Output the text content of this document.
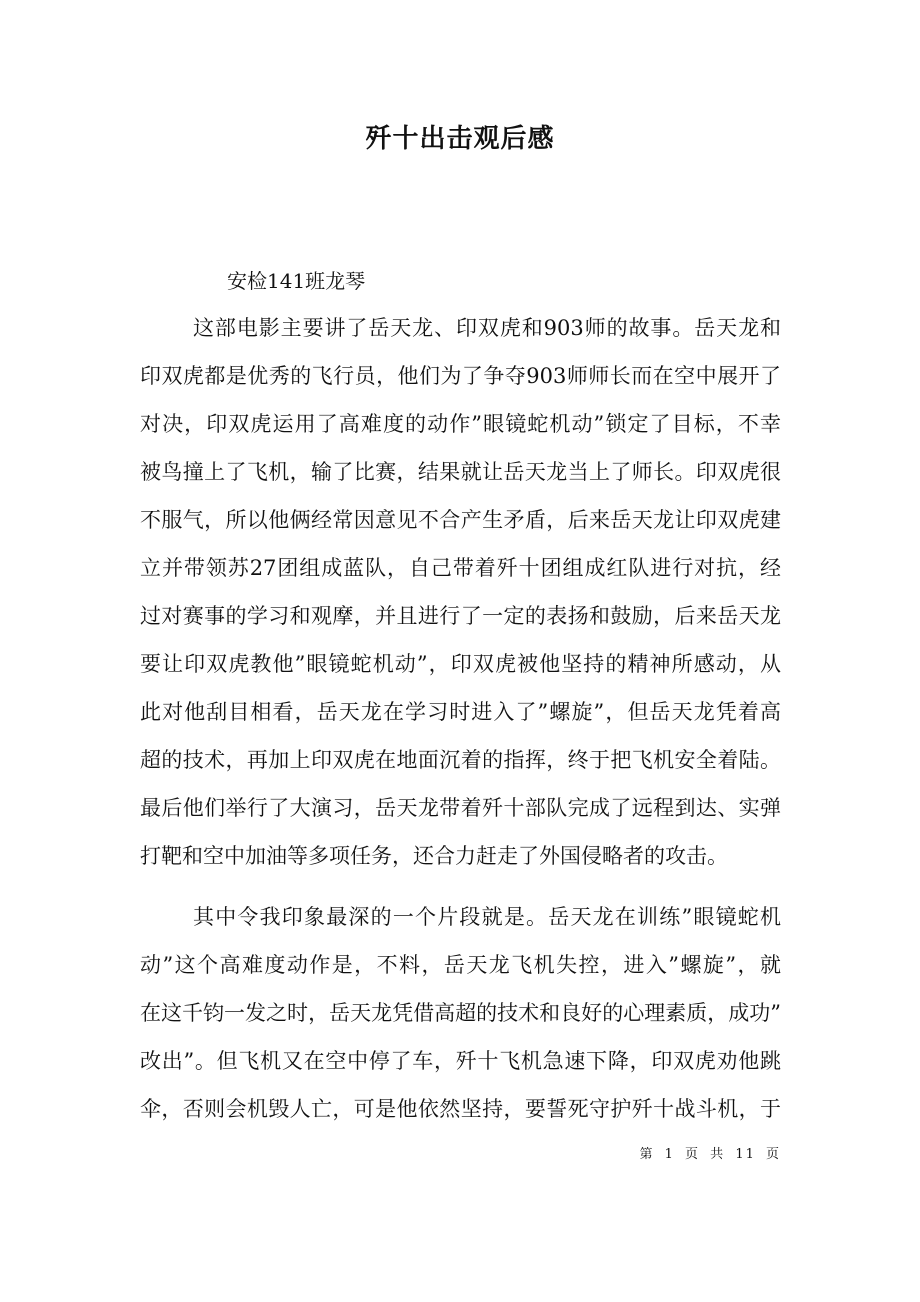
歼十出击观后感
安检141班龙琴
这部电影主要讲了岳天龙、印双虎和903师的故事。岳天龙和
印双虎都是优秀的飞行员，他们为了争夺903师师长而在空中展开了
对决，印双虎运用了高难度的动作”眼镜蛇机动”锁定了目标，不幸
被鸟撞上了飞机，输了比赛，结果就让岳天龙当上了师长。印双虎很
不服气，所以他俩经常因意见不合产生矛盾，后来岳天龙让印双虎建
立并带领苏27团组成蓝队，自己带着歼十团组成红队进行对抗，经
过对赛事的学习和观摩，并且进行了一定的表扬和鼓励，后来岳天龙
要让印双虎教他”眼镜蛇机动”，印双虎被他坚持的精神所感动，从
此对他刮目相看，岳天龙在学习时进入了”螺旋”，但岳天龙凭着高
超的技术，再加上印双虎在地面沉着的指挥，终于把飞机安全着陆。
最后他们举行了大演习，岳天龙带着歼十部队完成了远程到达、实弹
打靶和空中加油等多项任务，还合力赶走了外国侵略者的攻击。
其中令我印象最深的一个片段就是。岳天龙在训练”眼镜蛇机
动”这个高难度动作是，不料，岳天龙飞机失控，进入”螺旋”，就
在这千钧一发之时，岳天龙凭借高超的技术和良好的心理素质，成功”
改出”。但飞机又在空中停了车，歼十飞机急速下降，印双虎劝他跳
伞，否则会机毁人亡，可是他依然坚持，要誓死守护歼十战斗机，于
第 1 页 共 11 页
